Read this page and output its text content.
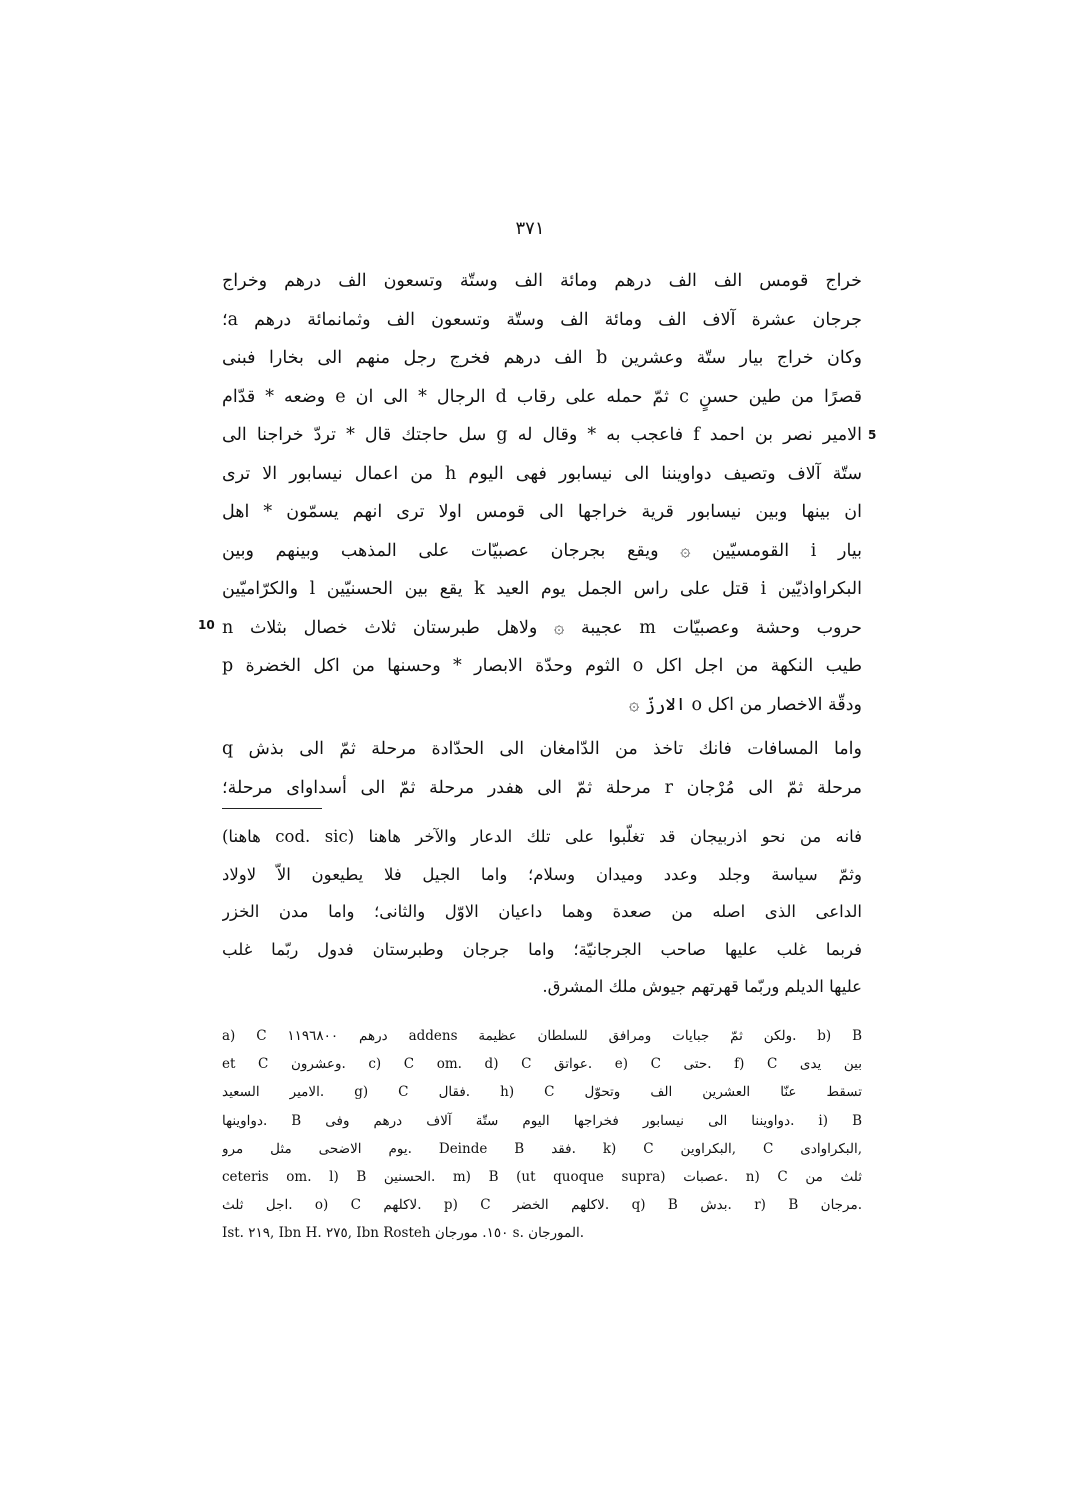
٣٧١
خراج قومس الف الف درهم ومائة الف وستّة وتسعون الف درهم وخراج
جرجان عشرة آلاف الف ومائة الف وستّة وتسعون الف وثمانمائة درهم a؛
وكان خراج بيار ستّة وعشرين b الف درهم فخرج رجل منهم الى بخارا فبنى
قصرًا من طين حسنٍ c ثمّ حمله على رقاب d الرجال * الى ان e وضعه * قدّام
الامير نصر بن احمد f فاعجب به * وقال له g سل حاجتك قال * تردّ خراجنا الى
ستّة آلاف وتصيف دواويننا الى نيسابور فهى اليوم h من اعمال نيسابور الا ترى
ان بينها وبين نيسابور قرية خراجها الى قومس اولا ترى انهم يسمّون * اهل
بيار i القومسيّين ۞ ويقع بجرجان عصبيّات على المذهب وبينهم وبين
البكراواذيّين i قتل على راس الجمل يوم العيد k يقع بين الحسنيّين l والكرّاميّين
حروب وحشة وعصبيّات m عجيبة ۞ ولاهل طبرستان ثلاث خصال بثلاث n
طيب النكهة من اجل اكل o الثوم وحدّة الابصار * وحسنها من اكل الخضرة p
ودقّة الاخصار من اكل o الارزّ ۞
واما المسافات فانك تاخذ من الدّامغان الى الحدّادة مرحلة ثمّ الى بذش q
مرحلة ثمّ الى مُرْجان r مرحلة ثمّ الى هفدر مرحلة ثمّ الى أسداواى مرحلة؛
5
10
فانه من نحو اذربيجان قد تغلّبوا على تلك الدعار والآخر هاهنا (cod. sic هاهنا)
وثمّ سياسة وجلد وعدد وميدان وسلام؛ واما الجيل فلا يطيعون الاّ لاولاد
الداعى الذى اصله من صعدة وهما داعيان الاوّل والثانى؛ واما مدن الخزر
فربما غلب عليها صاحب الجرجانيّة؛ واما جرجان وطبرستان فدول ربّما غلب
عليها الديلم وربّما قهرتهم جيوش ملك المشرق.
a) C درهم ١١٩٦٨٠٠ addens ولكن ثمّ جبايات ومرافق للسلطان عظيمة. b) B
et C وعشرون. c) C om. d) C عواتق. e) C حتى. f) C بين يدى
الامير السعيد. g) C فقال. h) C تسقط عنّا العشرين الف وتحوّل
دواوينها. B دواويننا الى نيسابور فخراجها اليوم ستّة آلاف درهم وفى. i) B
يوم الاضحى مثل مرو. Deinde B فقد. k) C البكراوين, C البكراوادى,
ceteris om. l) B الحسنين. m) B (ut quoque supra) عصبات. n) C ثلث من
اجل ثلث. o) C لاكلهم. p) C لاكلهم الخضر. q) B بدش. r) B مرجان.
Ist. ٢١٩, Ibn H. ٢٧٥, Ibn Rosteh ١٥٠. مورجان s. المورجان.
